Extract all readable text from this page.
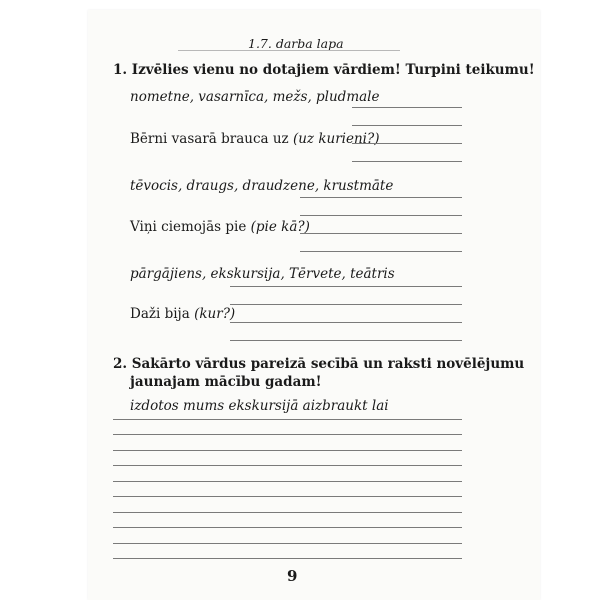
1.7. darba lapa
1. Izvēlies vienu no dotajiem vārdiem! Turpini teikumu!
nometne, vasarnīca, mežs, pludmale
Bērni vasarā brauca uz (uz kurieni?)
tēvocis, draugs, draudzene, krustmāte
Viņi ciemojās pie (pie kā?)
pārgājiens, ekskursija, Tērvete, teātris
Daži bija (kur?)
2. Sakārto vārdus pareizā secībā un raksti novēlējumu
jaunajam mācību gadam!
izdotos mums ekskursijā aizbraukt lai
9
